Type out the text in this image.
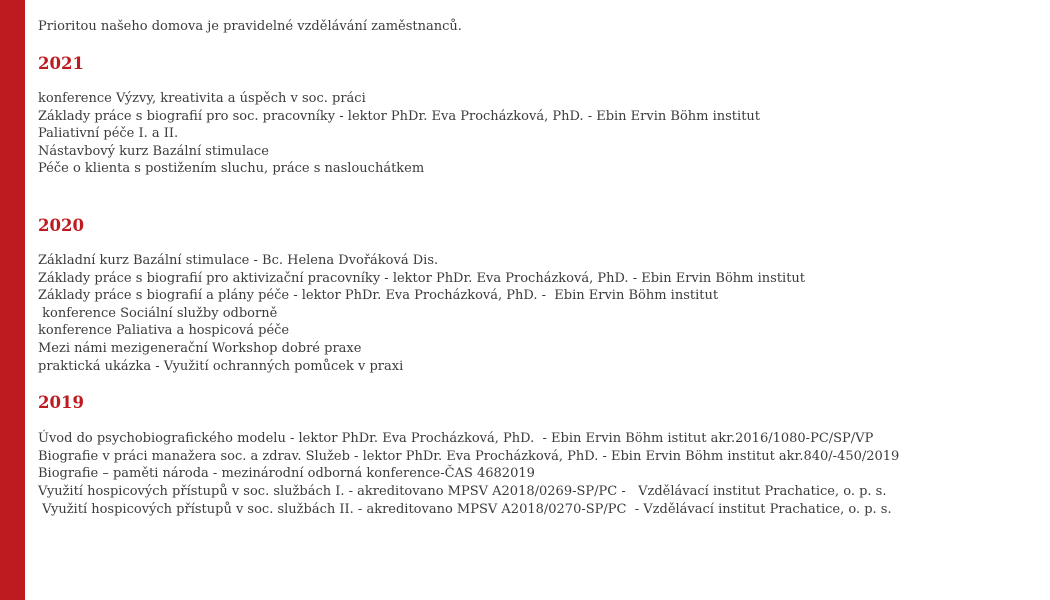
Prioritou našeho domova je pravidelné vzdělávání zaměstnanců.

2021
konference Výzvy, kreativita a úspěch v soc. práci
Základy práce s biografií pro soc. pracovníky - lektor PhDr. Eva Procházková, PhD. - Ebin Ervin Böhm institut
Paliativní péče I. a II.
Nástavbový kurz Bazální stimulace
Péče o klienta s postižením sluchu, práce s naslouchátkem
2020
Základní kurz Bazální stimulace - Bc. Helena Dvořáková Dis.
Základy práce s biografií pro aktivizační pracovníky - lektor PhDr. Eva Procházková, PhD. - Ebin Ervin Böhm institut
Základy práce s biografií a plány péče - lektor PhDr. Eva Procházková, PhD. -  Ebin Ervin Böhm institut
konference Sociální služby odborně
konference Paliativa a hospicová péče
Mezi námi mezigenerační Workshop dobré praxe
praktická ukázka - Využití ochranných pomůcek v praxi
2019
Úvod do psychobiografického modelu - lektor PhDr. Eva Procházková, PhD.  - Ebin Ervin Böhm istitut akr.2016/1080-PC/SP/VP
Biografie v práci manažera soc. a zdrav. Služeb - lektor PhDr. Eva Procházková, PhD. - Ebin Ervin Böhm institut akr.840/-450/2019
Biografie – paměti národa - mezinárodní odborná konference-ČAS 4682019
Využití hospicových přístupů v soc. službách I. - akreditovano MPSV A2018/0269-SP/PC -   Vzdělávací institut Prachatice, o. p. s.
Využití hospicových přístupů v soc. službách II. - akreditovano MPSV A2018/0270-SP/PC  - Vzdělávací institut Prachatice, o. p. s.
